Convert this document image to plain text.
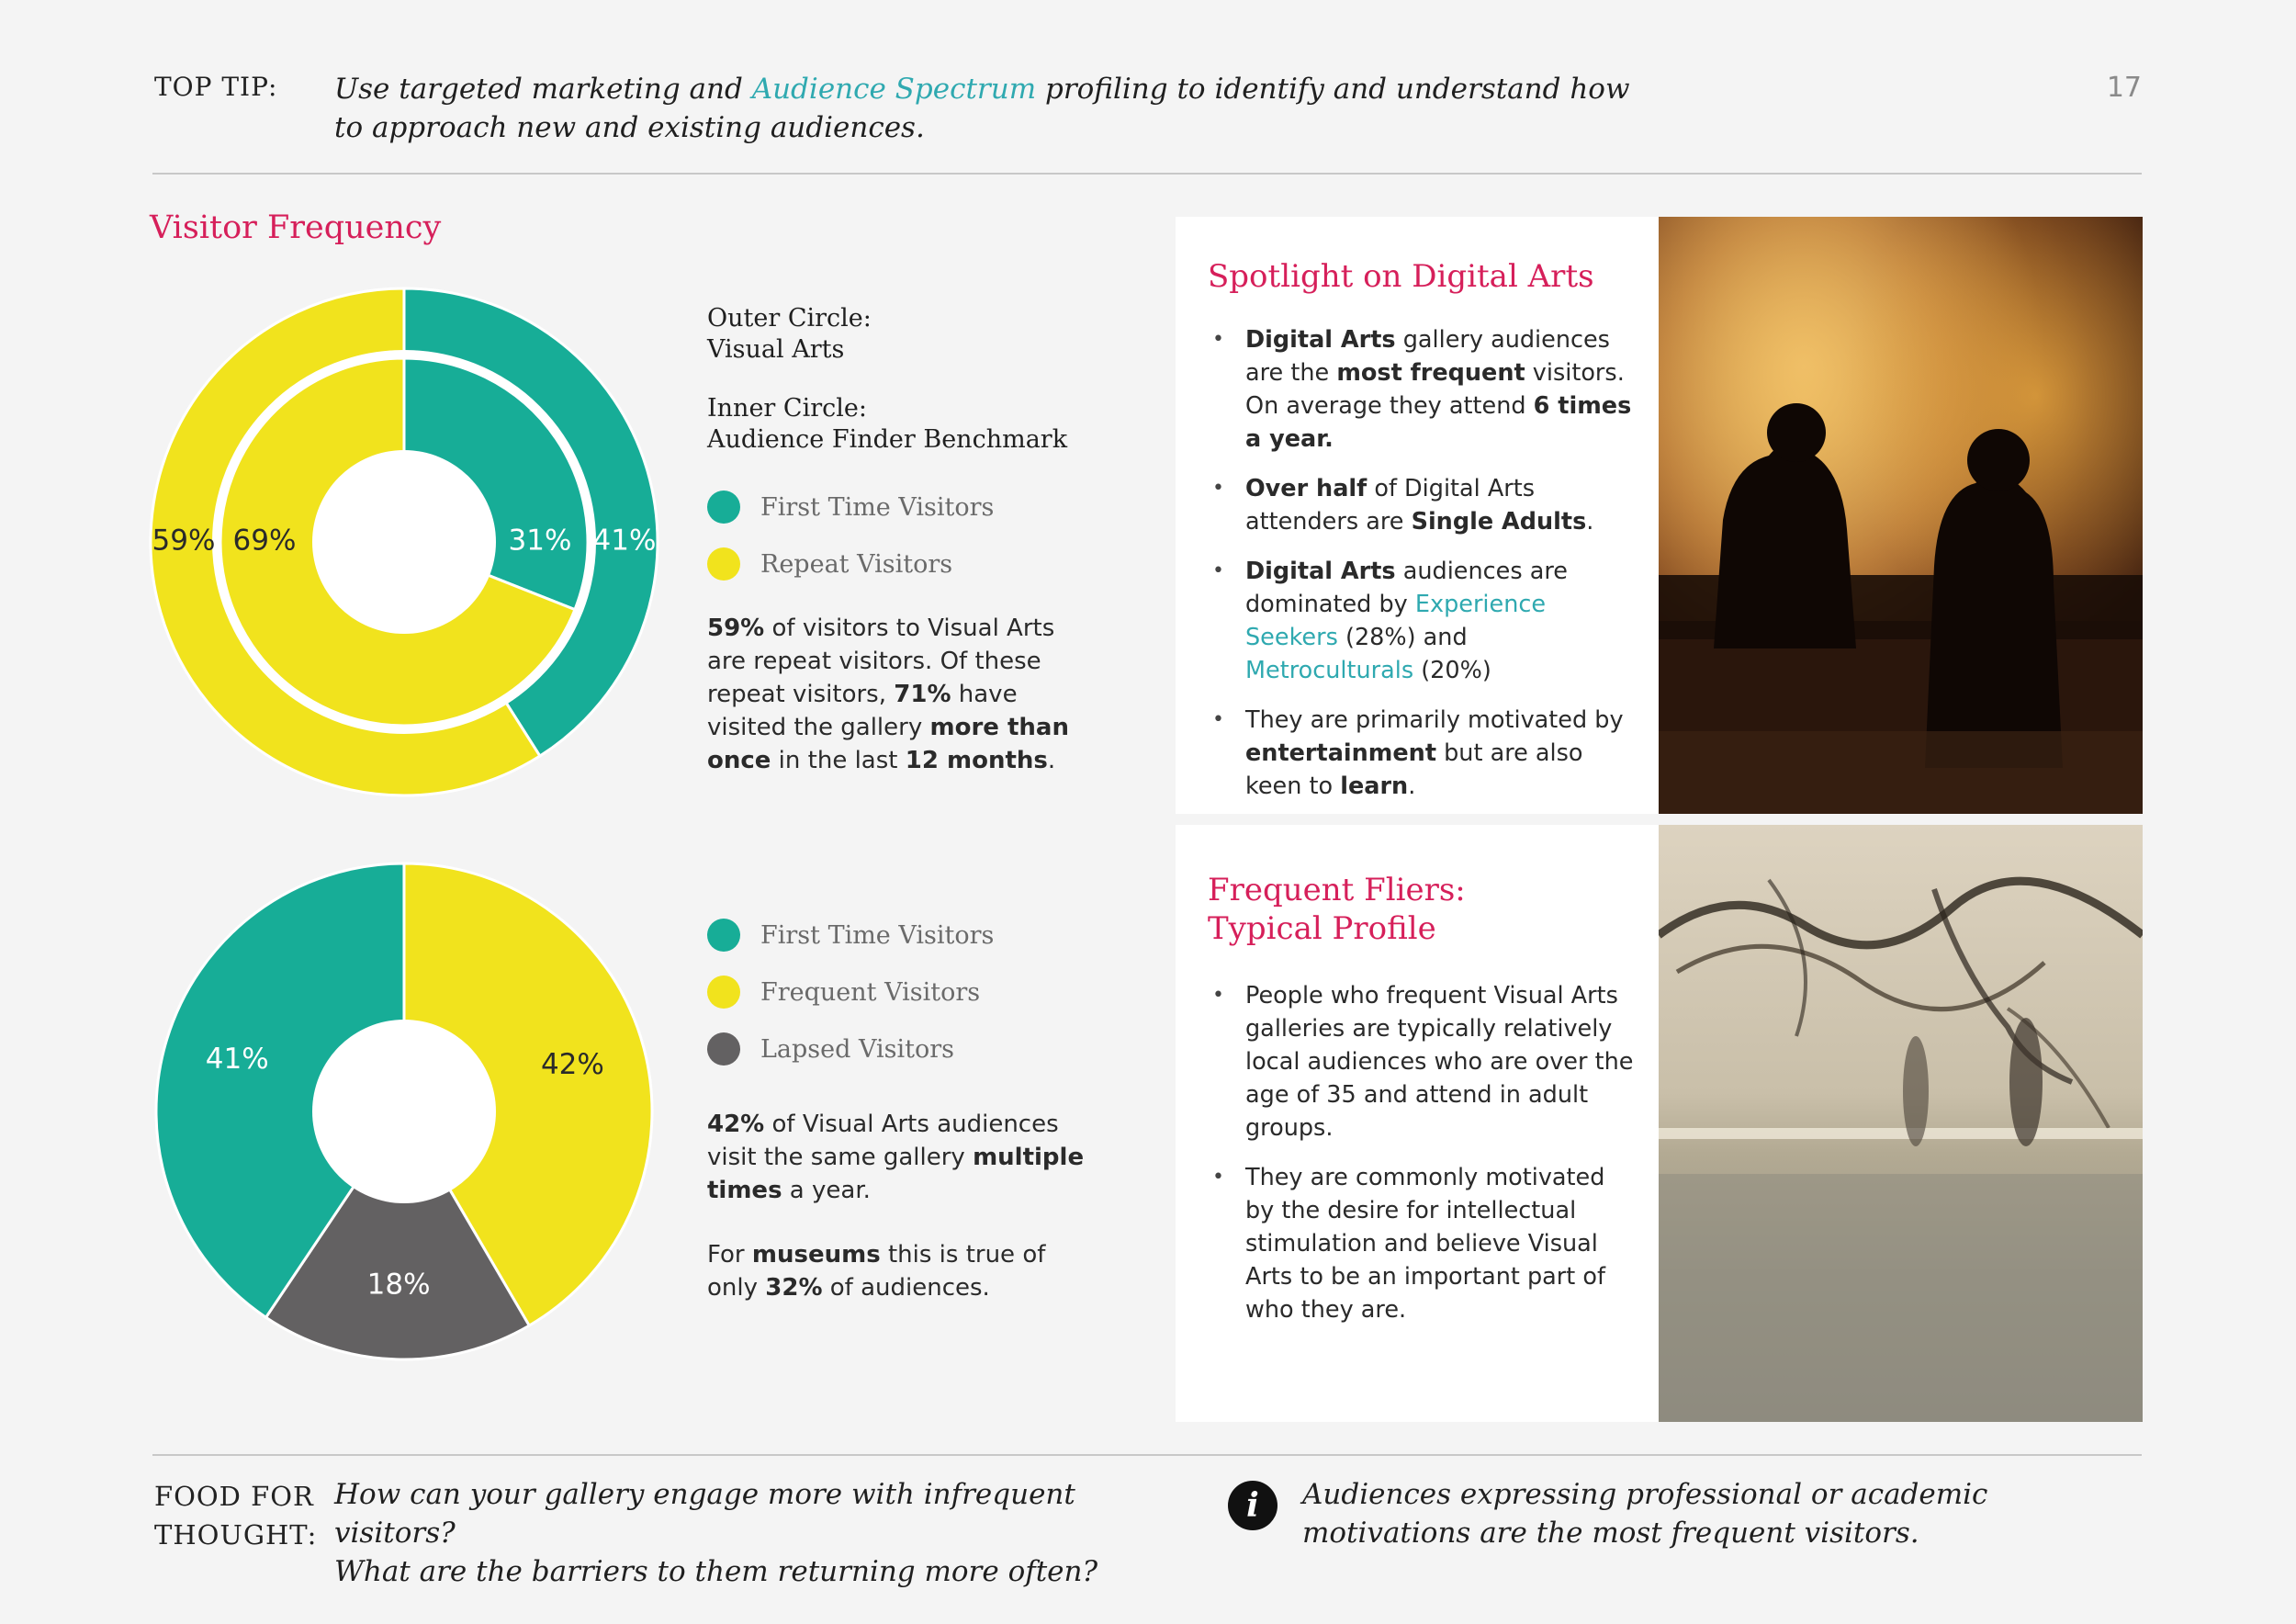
TOP TIP: Use targeted marketing and Audience Spectrum profiling to identify and understand how to approach new and existing audiences.
17
Visitor Frequency
41%
59%	31%
69%
42%
18%
41%
Outer Circle:
Visual Arts
Inner Circle:
Audience Finder Benchmark
First Time Visitors
Repeat Visitors
59% of visitors to Visual Arts are repeat visitors. Of these repeat visitors, 71% have visited the gallery more than once in the last 12 months.
First Time Visitors
Frequent Visitors
Lapsed Visitors
42% of Visual Arts audiences visit the same gallery multiple times a year.
For museums this is true of only 32% of audiences.
Spotlight on Digital Arts
• Digital Arts gallery audiences are the most frequent visitors. On average they attend 6 times a year.
• Over half of Digital Arts attenders are Single Adults.
• Digital Arts audiences are dominated by Experience Seekers (28%) and Metroculturals (20%)
• They are primarily motivated by entertainment but are also keen to learn.
Frequent Fliers:
Typical Profile
• People who frequent Visual Arts galleries are typically relatively local audiences who are over the age of 35 and attend in adult groups.
• They are commonly motivated by the desire for intellectual stimulation and believe Visual Arts to be an important part of who they are.
FOOD FOR
THOUGHT:
How can your gallery engage more with infrequent visitors?
What are the barriers to them returning more often?
i	Audiences expressing professional or academic
motivations are the most frequent visitors.
